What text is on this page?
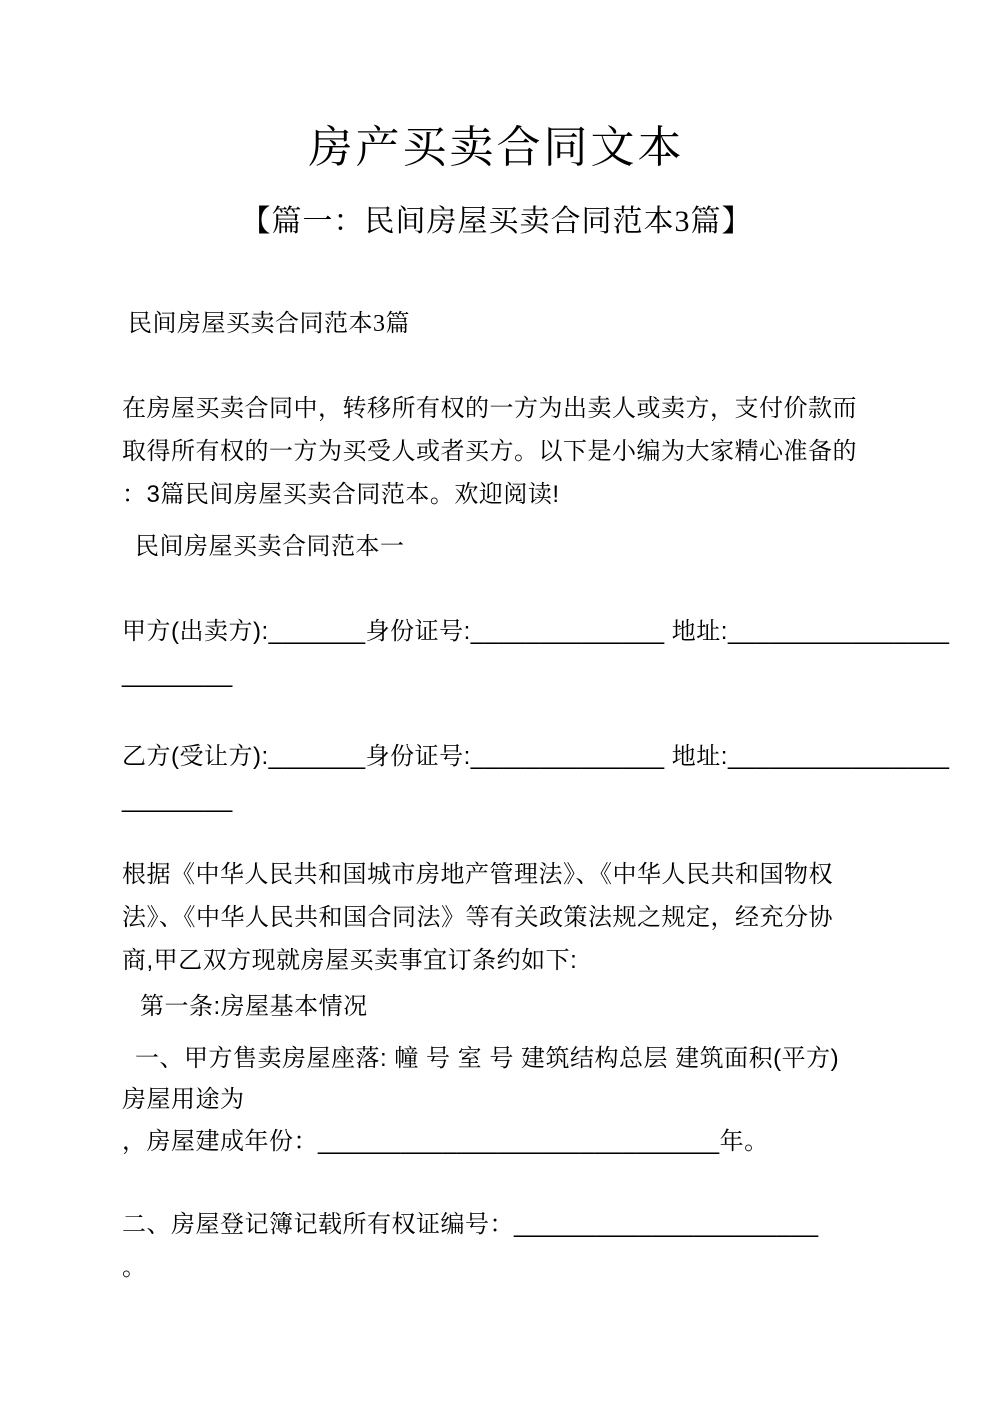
房产买卖合同文本
【篇一：民间房屋买卖合同范本3篇】
民间房屋买卖合同范本3篇
在房屋买卖合同中，转移所有权的一方为出卖人或卖方，支付价款而
取得所有权的一方为买受人或者买方。以下是小编为大家精心准备的
：3篇民间房屋买卖合同范本。欢迎阅读!
民间房屋买卖合同范本一
甲方(出卖方):_______身份证号:______________ 地址:________________
________
乙方(受让方):_______身份证号:______________ 地址:________________
________
根据《中华人民共和国城市房地产管理法》、《中华人民共和国物权
法》、《中华人民共和国合同法》等有关政策法规之规定，经充分协
商,甲乙双方现就房屋买卖事宜订条约如下:
第一条:房屋基本情况
一、甲方售卖房屋座落: 幢 号 室 号 建筑结构总层 建筑面积(平方)
房屋用途为
，房屋建成年份：_____________________________年。
二、房屋登记簿记载所有权证编号：______________________
。
